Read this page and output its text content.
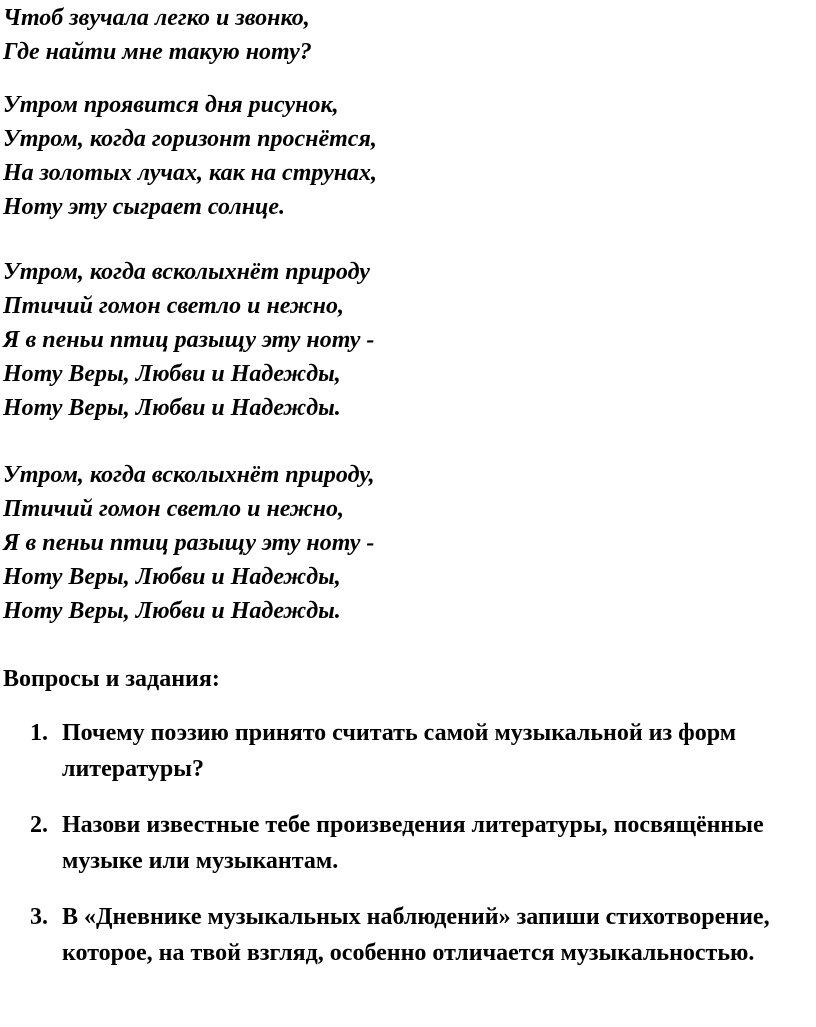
Чтоб звучала легко и звонко,
Где найти мне такую ноту?
Утром проявится дня рисунок,
Утром, когда горизонт проснётся,
На золотых лучах, как на струнах,
Ноту эту сыграет солнце.
Утром, когда всколыхнёт природу
Птичий гомон светло и нежно,
Я в пеньи птиц разыщу эту ноту -
Ноту Веры, Любви и Надежды,
Ноту Веры, Любви и Надежды.
Утром, когда всколыхнёт природу,
Птичий гомон светло и нежно,
Я в пеньи птиц разыщу эту ноту -
Ноту Веры, Любви и Надежды,
Ноту Веры, Любви и Надежды.
Вопросы и задания:
1. Почему поэзию принято считать самой музыкальной из форм литературы?
2. Назови известные тебе произведения литературы, посвящённые музыке или музыкантам.
3. В «Дневнике музыкальных наблюдений» запиши стихотворение, которое, на твой взгляд, особенно отличается музыкальностью.
